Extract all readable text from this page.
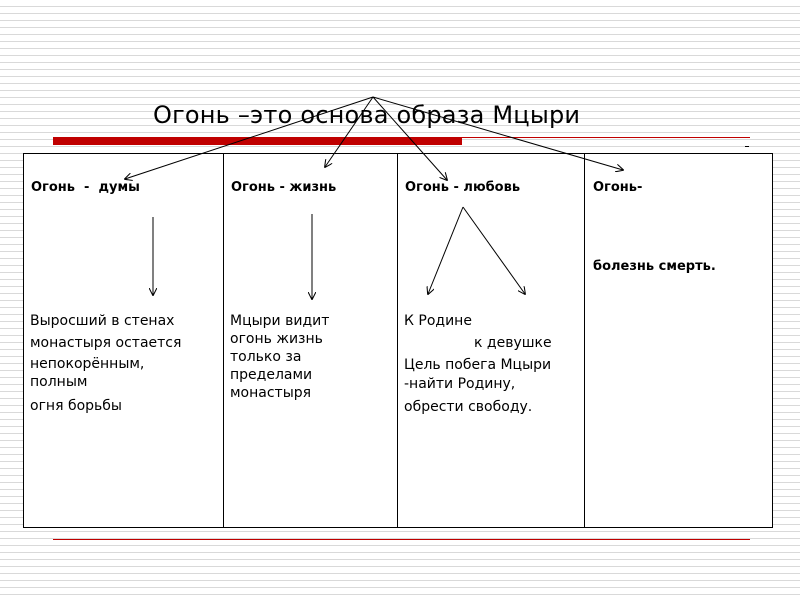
Огонь –это основа образа Мцыри
Огонь  -  думы
Выросший в стенах
монастыря остается
непокорённым,
полным
огня борьбы
Огонь - жизнь
Мцыри видит
огонь жизнь
только за
пределами
монастыря
Огонь - любовь
К Родине
к девушке
Цель побега Мцыри
-найти Родину,
обрести свободу.
Огонь-
болезнь смерть.
